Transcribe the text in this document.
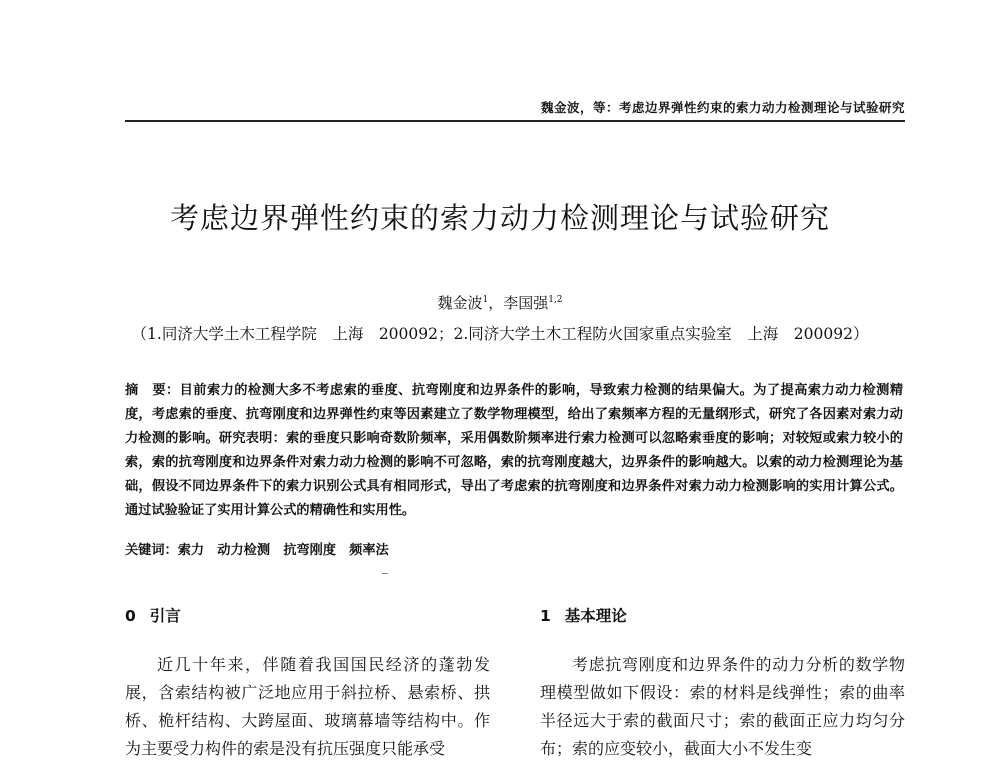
魏金波，等：考虑边界弹性约束的索力动力检测理论与试验研究
考虑边界弹性约束的索力动力检测理论与试验研究
魏金波$^1$，李国强$^{1,2}$
（1.同济大学土木工程学院　上海　200092；2.同济大学土木工程防火国家重点实验室　上海　200092）
摘　要：目前索力的检测大多不考虑索的垂度、抗弯刚度和边界条件的影响，导致索力检测的结果偏大。为了提高索力动力检测精度，考虑索的垂度、抗弯刚度和边界弹性约束等因素建立了数学物理模型，给出了索频率方程的无量纲形式，研究了各因素对索力动力检测的影响。研究表明：索的垂度只影响奇数阶频率，采用偶数阶频率进行索力检测可以忽略索垂度的影响；对较短或索力较小的索，索的抗弯刚度和边界条件对索力动力检测的影响不可忽略，索的抗弯刚度越大，边界条件的影响越大。以索的动力检测理论为基础，假设不同边界条件下的索力识别公式具有相同形式，导出了考虑索的抗弯刚度和边界条件对索力动力检测影响的实用计算公式。通过试验验证了实用计算公式的精确性和实用性。
关键词：索力　动力检测　抗弯刚度　频率法
0 引言

近几十年来，伴随着我国国民经济的蓬勃发展，含索结构被广泛地应用于斜拉桥、悬索桥、拱桥、桅杆结构、大跨屋面、玻璃幕墙等结构中。作为主要受力构件的索是没有抗压强度只能承受

1 基本理论

考虑抗弯刚度和边界条件的动力分析的数学物理模型做如下假设：索的材料是线弹性；索的曲率半径远大于索的截面尺寸；索的截面正应力均匀分布；索的应变较小，截面大小不发生变
